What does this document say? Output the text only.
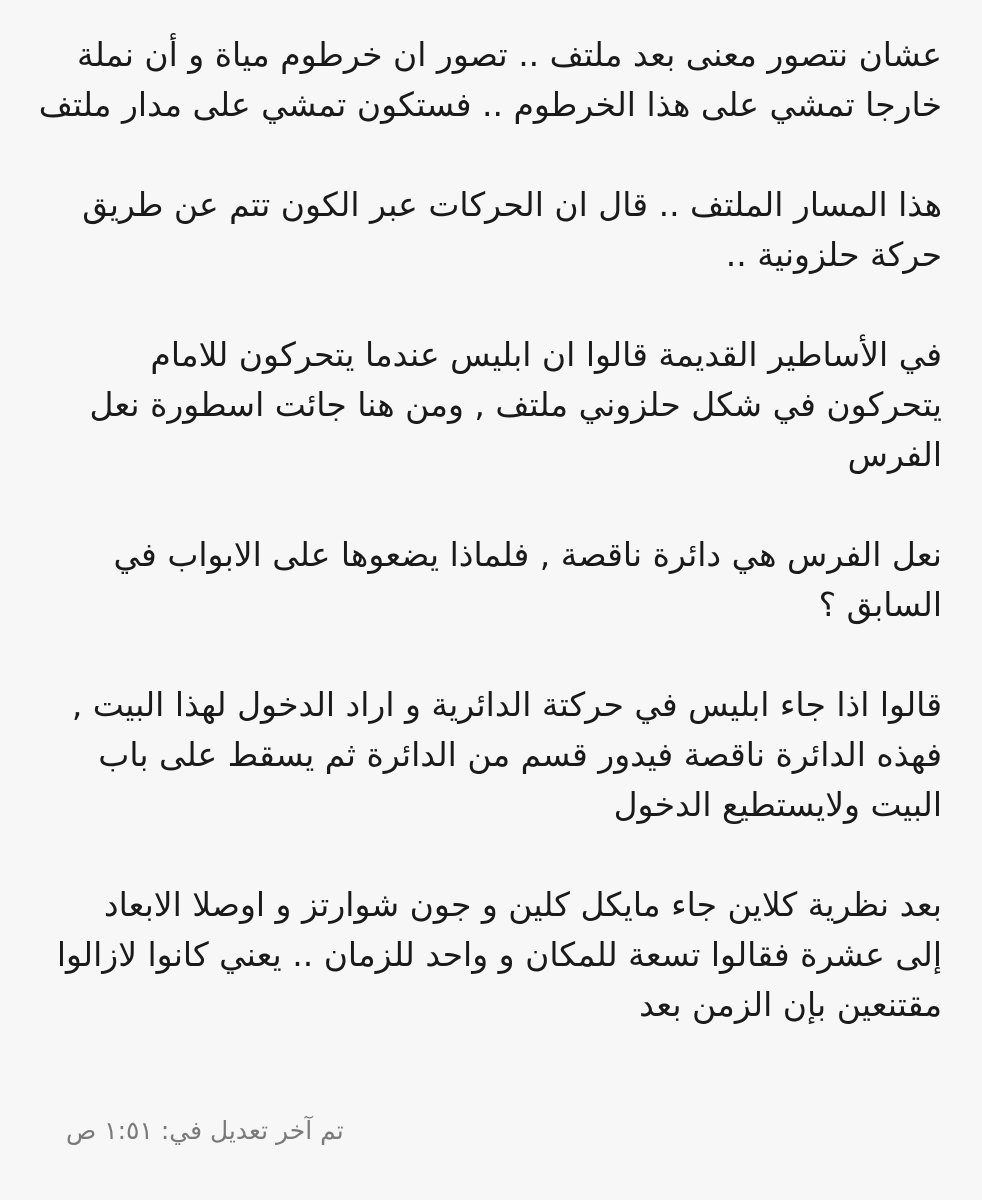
عشان نتصور معنى بعد ملتف .. تصور ان خرطوم مياة و أن نملة
خارجا تمشي على هذا الخرطوم .. فستكون تمشي على مدار ملتف

هذا المسار الملتف .. قال ان الحركات عبر الكون تتم عن طريق
حركة حلزونية ..

في الأساطير القديمة قالوا ان ابليس عندما يتحركون للامام
يتحركون في شكل حلزوني ملتف , ومن هنا جائت اسطورة نعل
الفرس

نعل الفرس هي دائرة ناقصة , فلماذا يضعوها على الابواب في
السابق ؟

قالوا اذا جاء ابليس في حركتة الدائرية و اراد الدخول لهذا البيت ,
فهذه الدائرة ناقصة فيدور قسم من الدائرة ثم يسقط على باب
البيت ولايستطيع الدخول

بعد نظرية كلاين جاء مايكل كلين و جون شوارتز و اوصلا الابعاد
إلى عشرة فقالوا تسعة للمكان و واحد للزمان .. يعني كانوا لازالوا
مقتنعين بإن الزمن بعد

تم آخر تعديل في: ١:٥١ ص
